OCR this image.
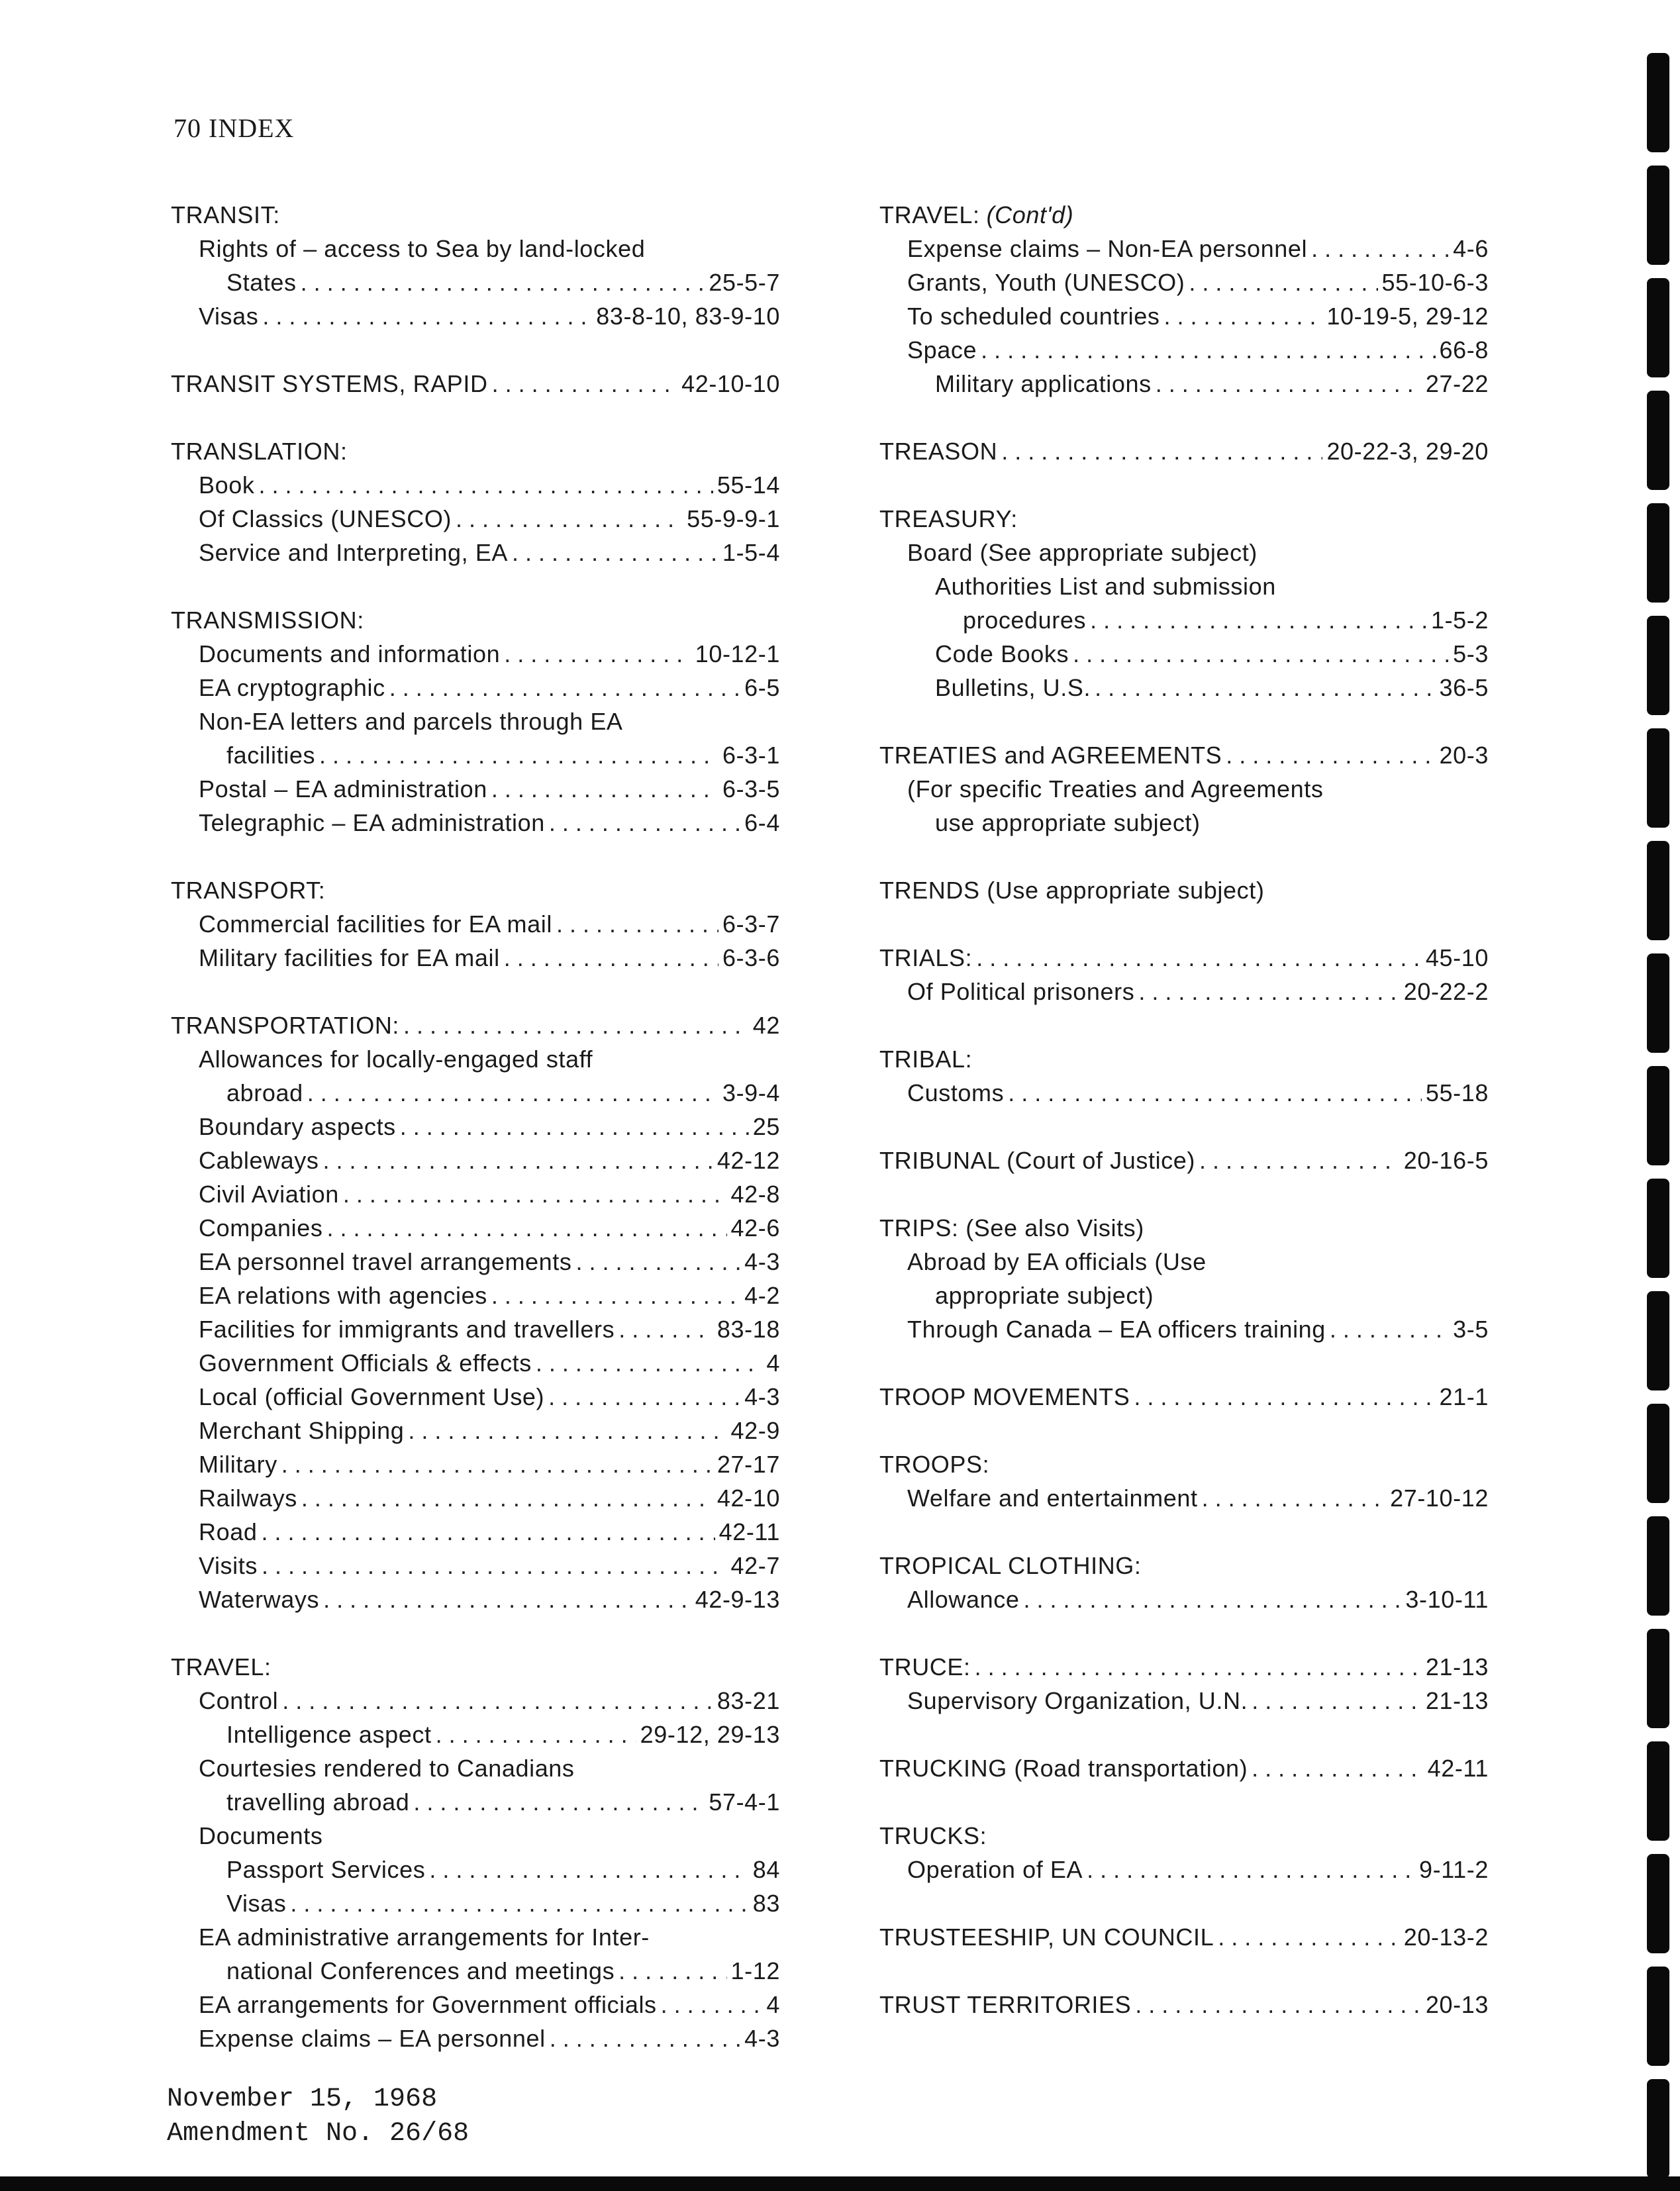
70 INDEX
TRANSIT:
Rights of – access to Sea by land-locked
States . . .	25-5-7
Visas . . .	83-8-10, 83-9-10
TRANSIT SYSTEMS, RAPID . . .	42-10-10
TRANSLATION:
Book . . .	55-14
Of Classics (UNESCO) . . .	55-9-9-1
Service and Interpreting, EA . . .	1-5-4
TRANSMISSION:
Documents and information . . .	10-12-1
EA cryptographic . . .	6-5
Non-EA letters and parcels through EA
facilities . . .	6-3-1
Postal – EA administration . . .	6-3-5
Telegraphic – EA administration . . .	6-4
TRANSPORT:
Commercial facilities for EA mail . . .	6-3-7
Military facilities for EA mail . . .	6-3-6
TRANSPORTATION: . . .	42
Allowances for locally-engaged staff
abroad . . .	3-9-4
Boundary aspects . . .	25
Cableways . . .	42-12
Civil Aviation . . .	42-8
Companies . . .	42-6
EA personnel travel arrangements . . .	4-3
EA relations with agencies . . .	4-2
Facilities for immigrants and travellers . . .	83-18
Government Officials & effects . . .	4
Local (official Government Use) . . .	4-3
Merchant Shipping . . .	42-9
Military . . .	27-17
Railways . . .	42-10
Road . . .	42-11
Visits . . .	42-7
Waterways . . .	42-9-13
TRAVEL:
Control . . .	83-21
Intelligence aspect . . .	29-12, 29-13
Courtesies rendered to Canadians
travelling abroad . . .	57-4-1
Documents
Passport Services . . .	84
Visas . . .	83
EA administrative arrangements for Inter-
national Conferences and meetings . . .	1-12
EA arrangements for Government officials . . .	4
Expense claims – EA personnel . . .	4-3
TRAVEL: (Cont'd)
Expense claims – Non-EA personnel . . .	4-6
Grants, Youth (UNESCO) . . .	55-10-6-3
To scheduled countries . . .	10-19-5, 29-12
Space . . .	66-8
Military applications . . .	27-22
TREASON . . .	20-22-3, 29-20
TREASURY:
Board (See appropriate subject)
Authorities List and submission
procedures . . .	1-5-2
Code Books . . .	5-3
Bulletins, U.S. . . .	36-5
TREATIES and AGREEMENTS . . .	20-3
(For specific Treaties and Agreements
use appropriate subject)
TRENDS (Use appropriate subject)
TRIALS: . . .	45-10
Of Political prisoners . . .	20-22-2
TRIBAL:
Customs . . .	55-18
TRIBUNAL (Court of Justice) . . .	20-16-5
TRIPS: (See also Visits)
Abroad by EA officials (Use
appropriate subject)
Through Canada – EA officers training . . .	3-5
TROOP MOVEMENTS . . .	21-1
TROOPS:
Welfare and entertainment . . .	27-10-12
TROPICAL CLOTHING:
Allowance . . .	3-10-11
TRUCE: . . .	21-13
Supervisory Organization, U.N. . . .	21-13
TRUCKING (Road transportation) . . .	42-11
TRUCKS:
Operation of EA . . .	9-11-2
TRUSTEESHIP, UN COUNCIL . . .	20-13-2
TRUST TERRITORIES . . .	20-13
November 15, 1968
Amendment No. 26/68
